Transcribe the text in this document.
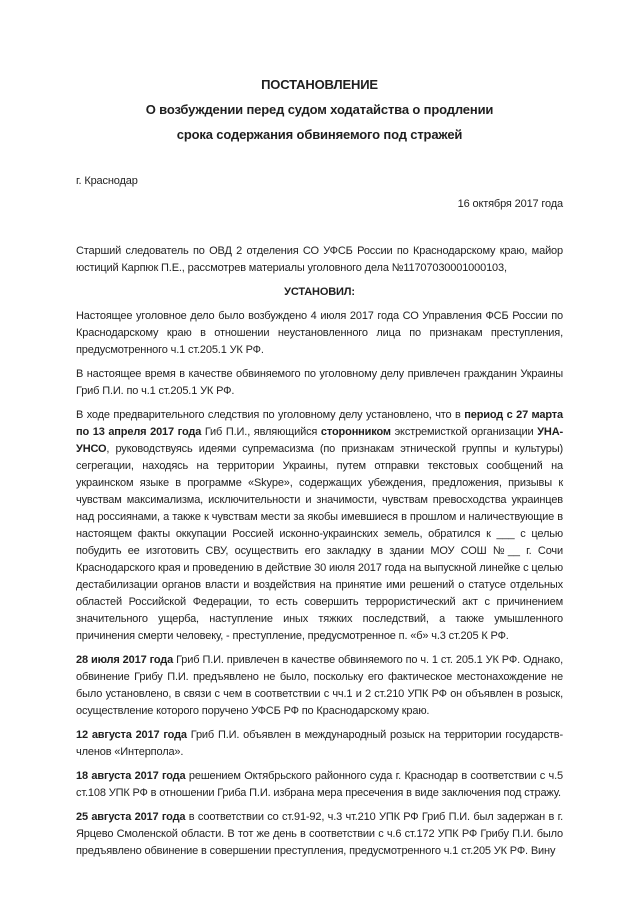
ПОСТАНОВЛЕНИЕ
О возбуждении перед судом ходатайства о продлении
срока содержания обвиняемого под стражей
г. Краснодар
16 октября 2017 года

Старший следователь по ОВД 2 отделения СО УФСБ России по Краснодарскому краю, майор юстиций Карпюк П.Е., рассмотрев материалы уголовного дела №11707030001000103,

УСТАНОВИЛ:

Настоящее уголовное дело было возбуждено 4 июля 2017 года СО Управления ФСБ России по Краснодарскому краю в отношении неустановленного лица по признакам преступления, предусмотренного ч.1 ст.205.1 УК РФ.

В настоящее время в качестве обвиняемого по уголовному делу привлечен гражданин Украины Гриб П.И. по ч.1 ст.205.1 УК РФ.

В ходе предварительного следствия по уголовному делу установлено, что в период с 27 марта по 13 апреля 2017 года Гиб П.И., являющийся сторонником экстремисткой организации УНА-УНСО, руководствуясь идеями супремасизма (по признакам этнической группы и культуры) сегрегации, находясь на территории Украины, путем отправки текстовых сообщений на украинском языке в программе «Skype», содержащих убеждения, предложения, призывы к чувствам максимализма, исключительности и значимости, чувствам превосходства украинцев над россиянами, а также к чувствам мести за якобы имевшиеся в прошлом и наличествующие в настоящем факты оккупации Россией исконно-украинских земель, обратился к ___ с целью побудить ее изготовить СВУ, осуществить его закладку в здании МОУ СОШ №__ г. Сочи Краснодарского края и проведению в действие 30 июля 2017 года на выпускной линейке с целью дестабилизации органов власти и воздействия на принятие ими решений о статусе отдельных областей Российской Федерации, то есть совершить террористический акт с причинением значительного ущерба, наступление иных тяжких последствий, а также умышленного причинения смерти человеку, - преступление, предусмотренное п. «б» ч.3 ст.205 К РФ.

28 июля 2017 года Гриб П.И. привлечен в качестве обвиняемого по ч. 1 ст. 205.1 УК РФ. Однако, обвинение Грибу П.И. предъявлено не было, поскольку его фактическое местонахождение не было установлено, в связи с чем в соответствии с чч.1 и 2 ст.210 УПК РФ он объявлен в розыск, осуществление которого поручено УФСБ РФ по Краснодарскому краю.

12 августа 2017 года Гриб П.И. объявлен в международный розыск на территории государств-членов «Интерпола».

18 августа 2017 года решением Октябрьского районного суда г. Краснодар в соответствии с ч.5 ст.108 УПК РФ в отношении Гриба П.И. избрана мера пресечения в виде заключения под стражу.

25 августа 2017 года в соответствии со ст.91-92, ч.3 чт.210 УПК РФ Гриб П.И. был задержан в г. Ярцево Смоленской области. В тот же день в соответствии с ч.6 ст.172 УПК РФ Грибу П.И. было предъявлено обвинение в совершении преступления, предусмотренного ч.1 ст.205 УК РФ. Вину
